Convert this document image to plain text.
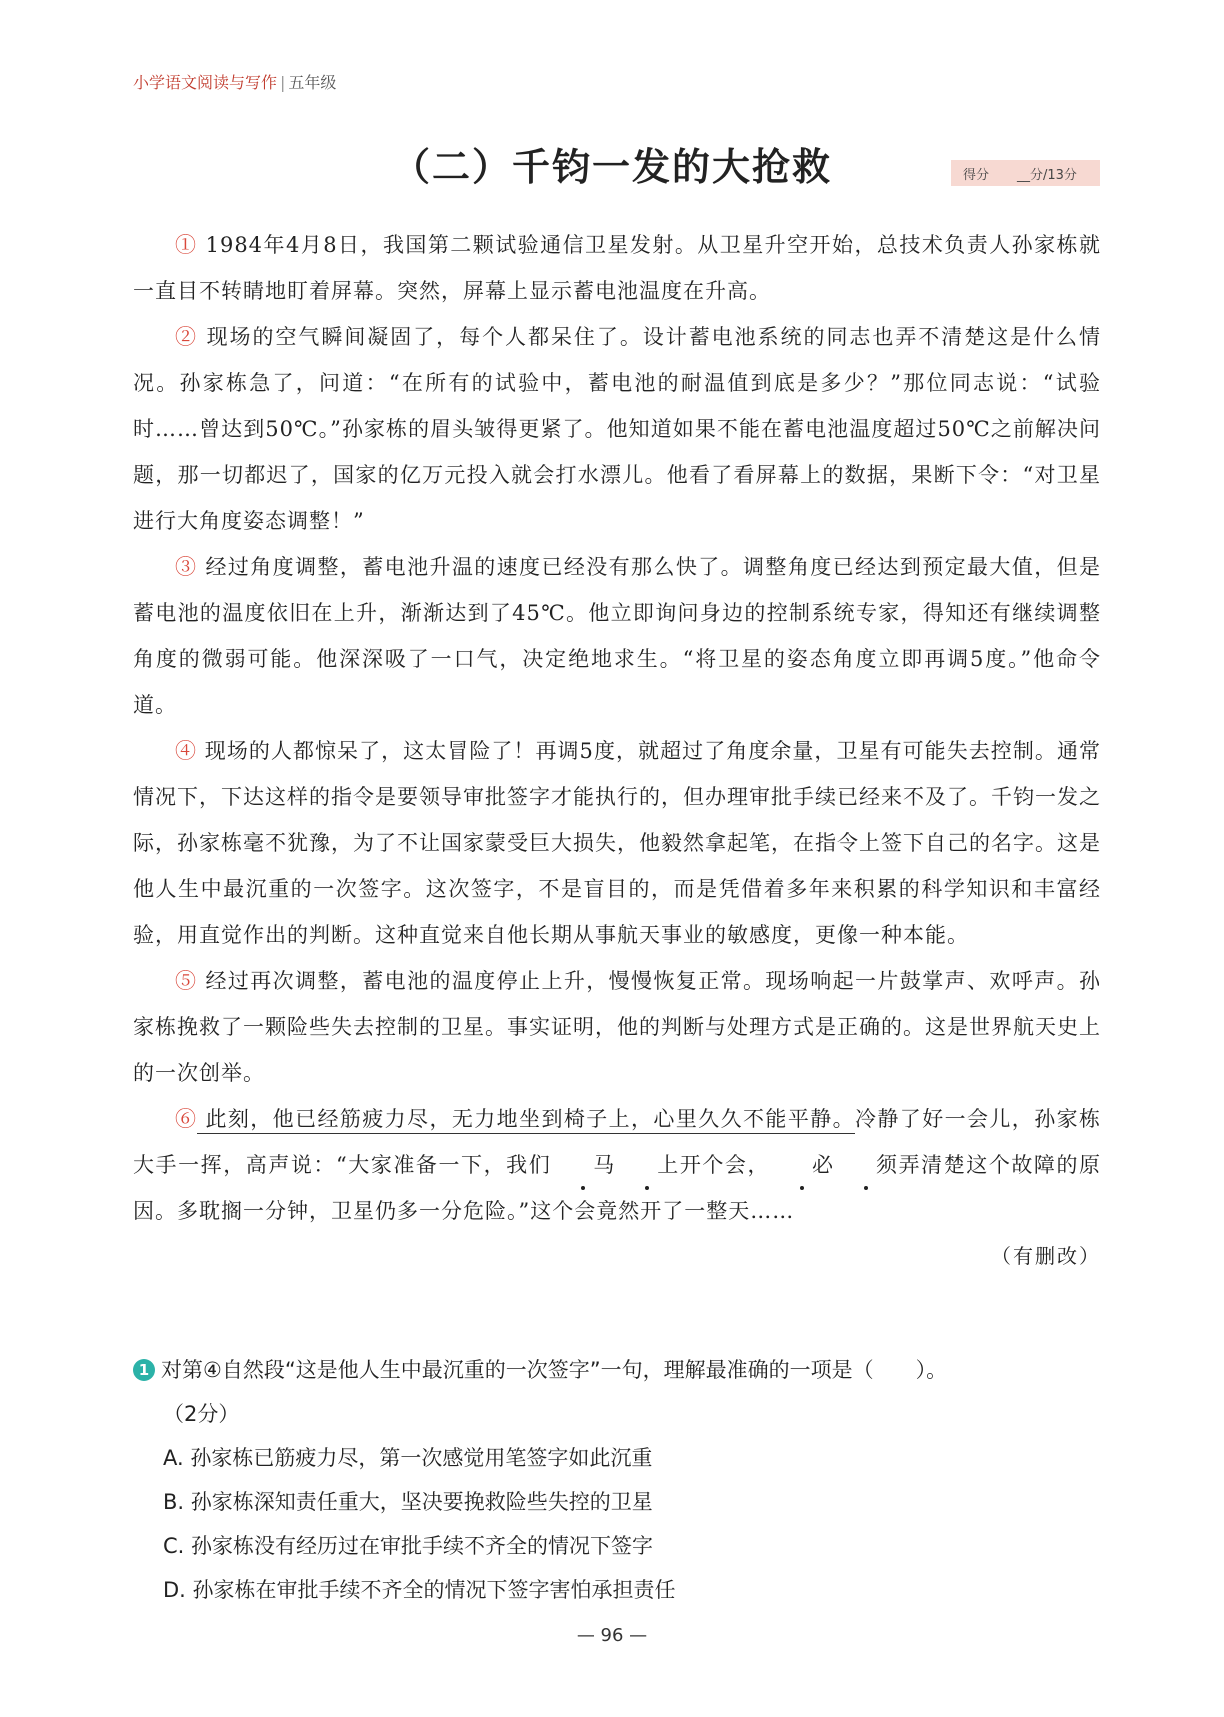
小学语文阅读与写作 | 五年级
（二）千钧一发的大抢救	得分	__分/13分

① 1984年4月8日，我国第二颗试验通信卫星发射。从卫星升空开始，总技术负责人孙家栋就一直目不转睛地盯着屏幕。突然，屏幕上显示蓄电池温度在升高。

② 现场的空气瞬间凝固了，每个人都呆住了。设计蓄电池系统的同志也弄不清楚这是什么情况。孙家栋急了，问道：“在所有的试验中，蓄电池的耐温值到底是多少？”那位同志说：“试验时……曾达到50℃。”孙家栋的眉头皱得更紧了。他知道如果不能在蓄电池温度超过50℃之前解决问题，那一切都迟了，国家的亿万元投入就会打水漂儿。他看了看屏幕上的数据，果断下令：“对卫星进行大角度姿态调整！”

③ 经过角度调整，蓄电池升温的速度已经没有那么快了。调整角度已经达到预定最大值，但是蓄电池的温度依旧在上升，渐渐达到了45℃。他立即询问身边的控制系统专家，得知还有继续调整角度的微弱可能。他深深吸了一口气，决定绝地求生。“将卫星的姿态角度立即再调5度。”他命令道。

④ 现场的人都惊呆了，这太冒险了！再调5度，就超过了角度余量，卫星有可能失去控制。通常情况下，下达这样的指令是要领导审批签字才能执行的，但办理审批手续已经来不及了。千钧一发之际，孙家栋毫不犹豫，为了不让国家蒙受巨大损失，他毅然拿起笔，在指令上签下自己的名字。这是他人生中最沉重的一次签字。这次签字，不是盲目的，而是凭借着多年来积累的科学知识和丰富经验，用直觉作出的判断。这种直觉来自他长期从事航天事业的敏感度，更像一种本能。

⑤ 经过再次调整，蓄电池的温度停止上升，慢慢恢复正常。现场响起一片鼓掌声、欢呼声。孙家栋挽救了一颗险些失去控制的卫星。事实证明，他的判断与处理方式是正确的。这是世界航天史上的一次创举。

⑥ 此刻，他已经筋疲力尽，无力地坐到椅子上，心里久久不能平静。冷静了好一会儿，孙家栋大手一挥，高声说：“大家准备一下，我们 马 上开个会， 必 须弄清楚这个故障的原因。多耽搁一分钟，卫星仍多一分危险。”这个会竟然开了一整天……

（有删改）
1 对第④自然段“这是他人生中最沉重的一次签字”一句，理解最准确的一项是（　　）。
（2分）
A. 孙家栋已筋疲力尽，第一次感觉用笔签字如此沉重
B. 孙家栋深知责任重大，坚决要挽救险些失控的卫星
C. 孙家栋没有经历过在审批手续不齐全的情况下签字
D. 孙家栋在审批手续不齐全的情况下签字害怕承担责任
— 96 —
